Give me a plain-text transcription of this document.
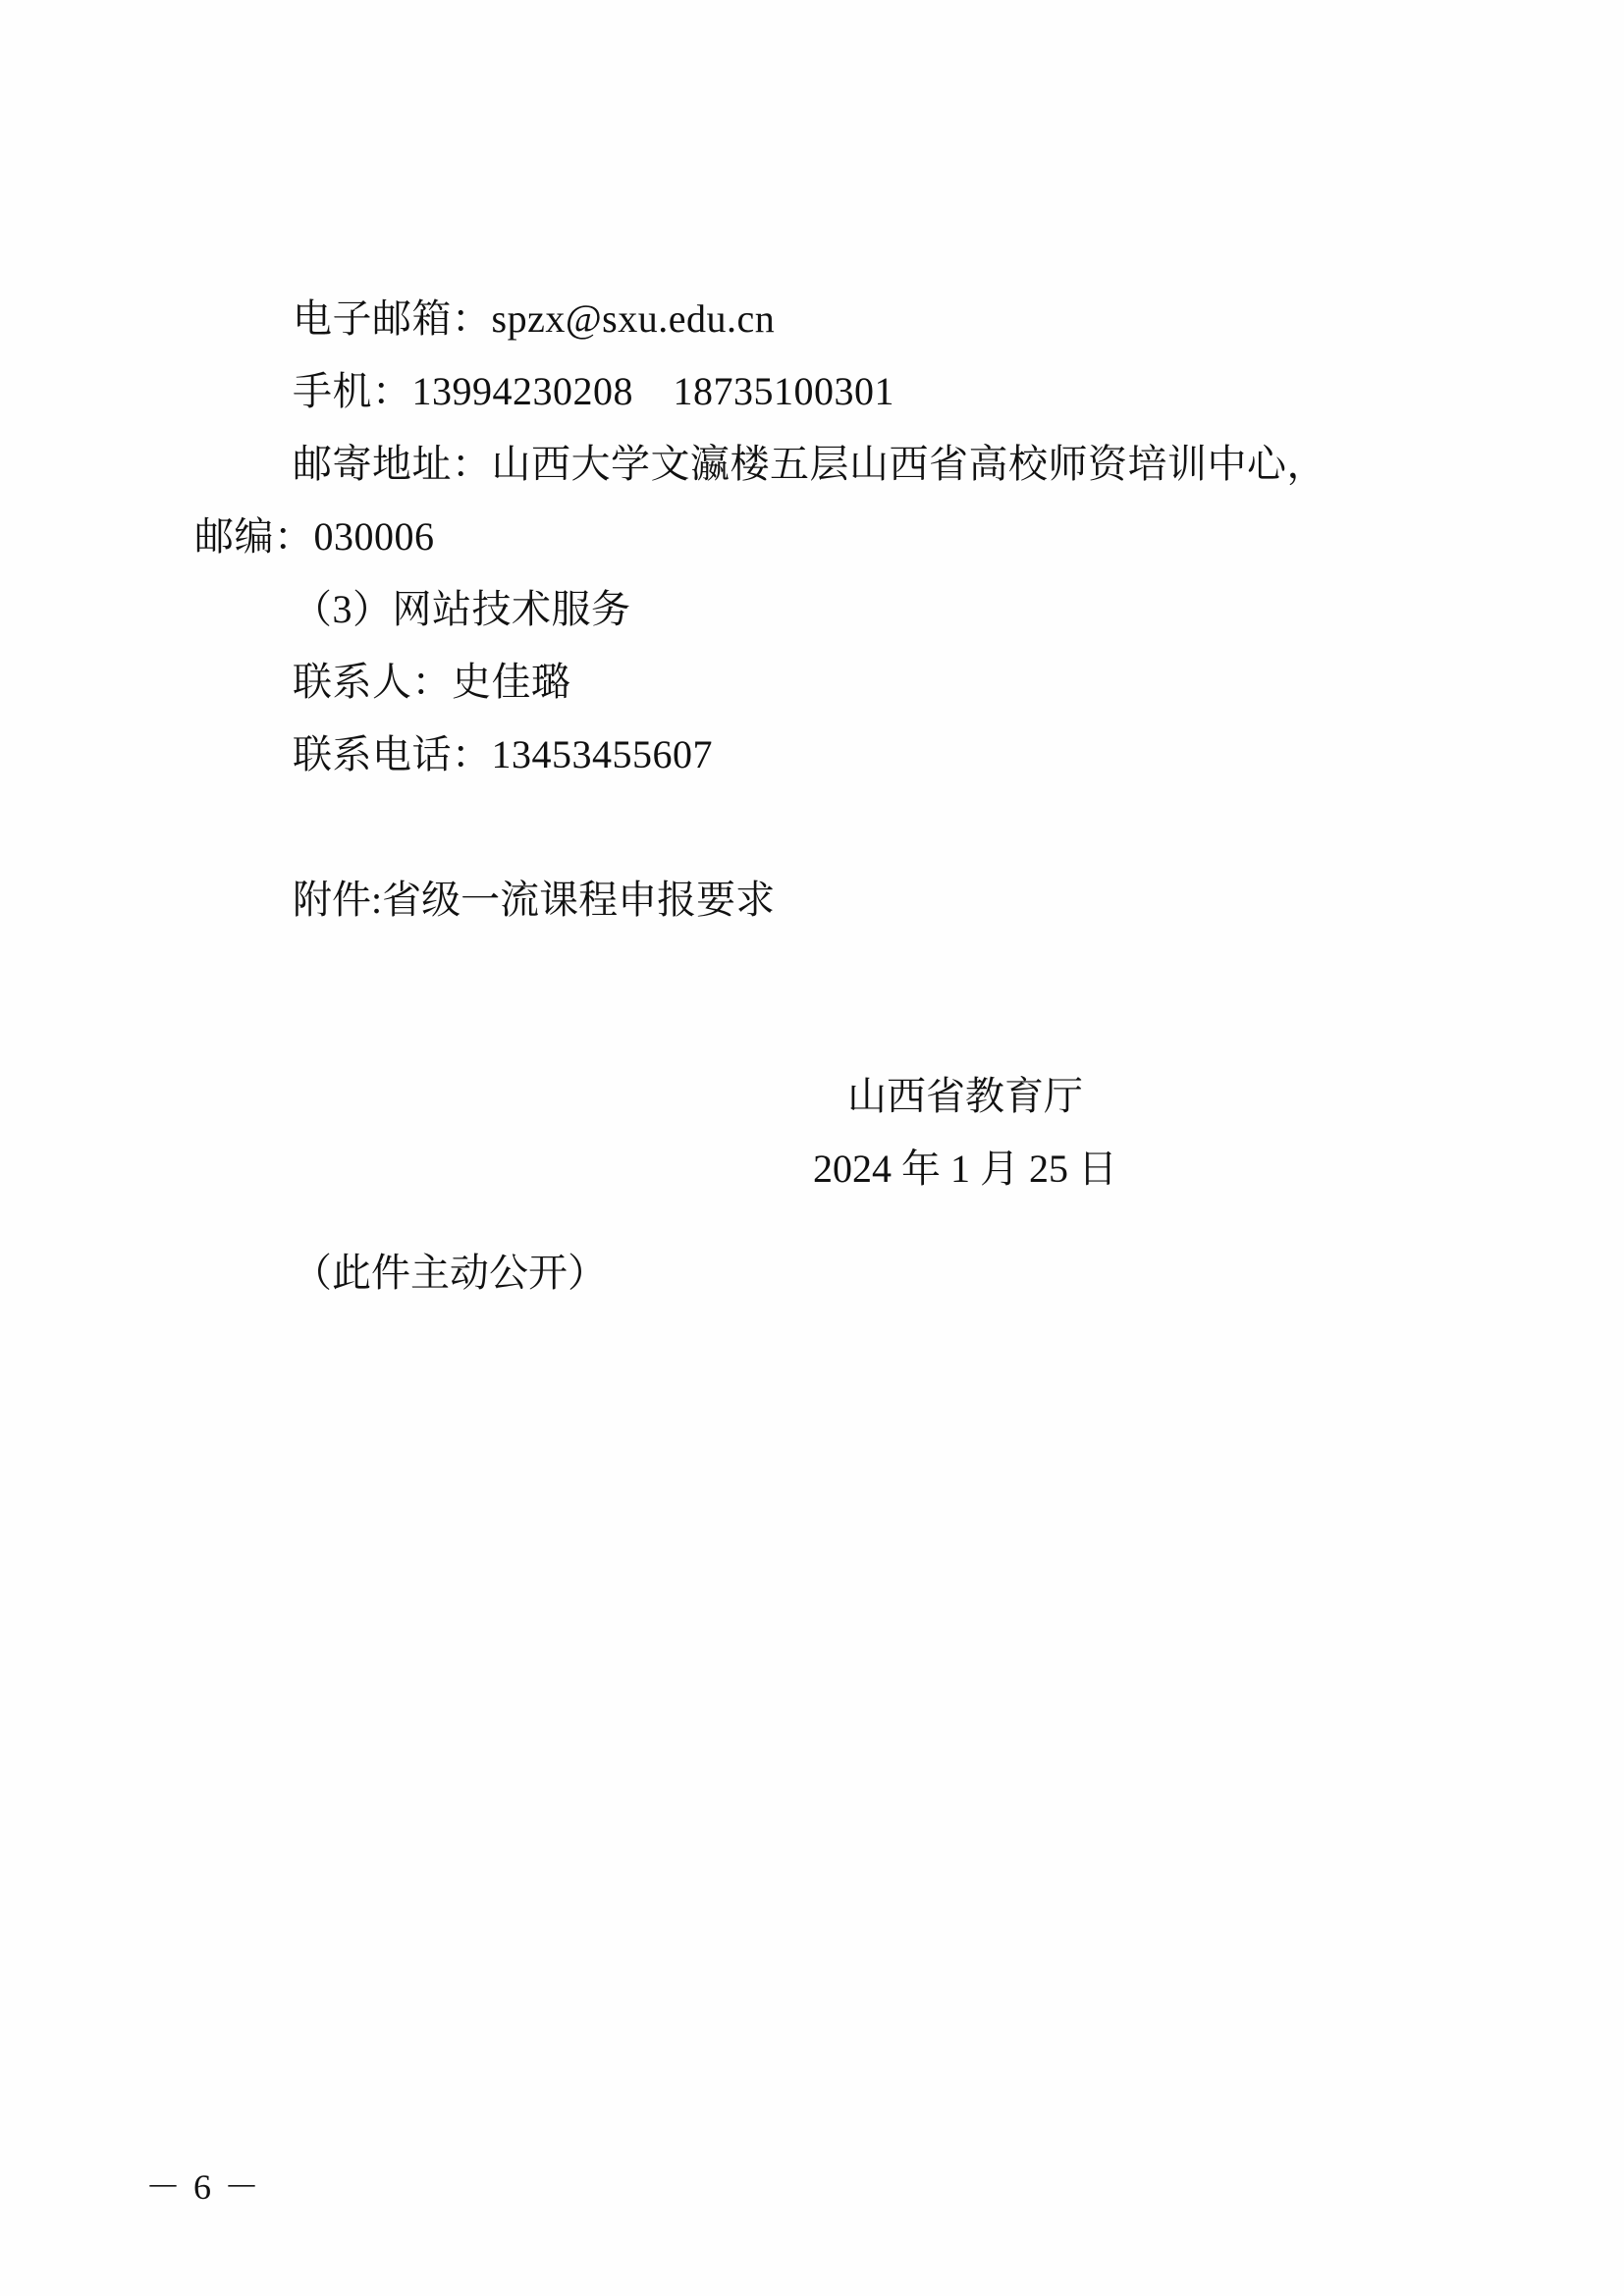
电子邮箱：spzx@sxu.edu.cn
手机：13994230208　18735100301
邮寄地址：山西大学文瀛楼五层山西省高校师资培训中心，
邮编：030006
（3）网站技术服务
联系人：史佳璐
联系电话：13453455607
附件:省级一流课程申报要求
山西省教育厅
2024 年 1 月 25 日
（此件主动公开）
－ 6 －
